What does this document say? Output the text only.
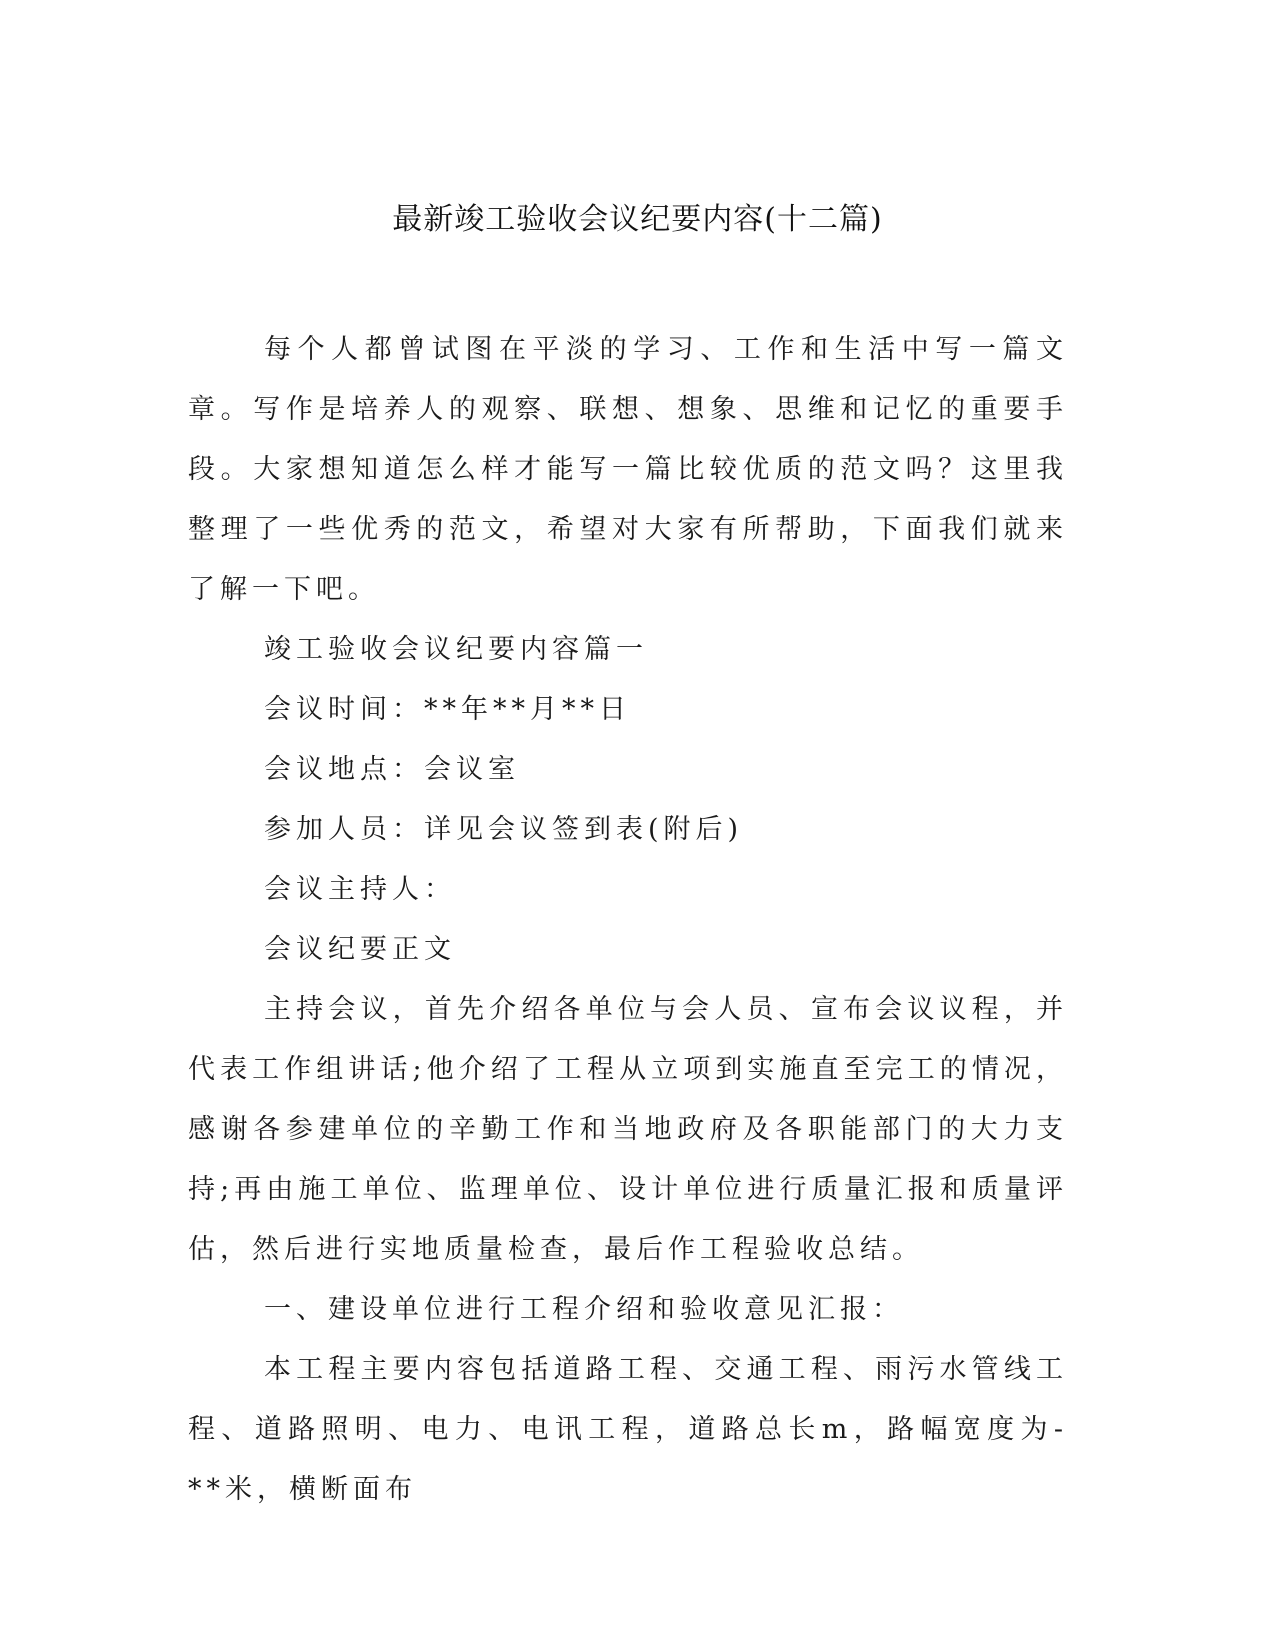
最新竣工验收会议纪要内容(十二篇)

每个人都曾试图在平淡的学习、工作和生活中写一篇文章。写作是培养人的观察、联想、想象、思维和记忆的重要手段。大家想知道怎么样才能写一篇比较优质的范文吗？这里我整理了一些优秀的范文，希望对大家有所帮助，下面我们就来了解一下吧。

竣工验收会议纪要内容篇一

会议时间：**年**月**日

会议地点：会议室

参加人员：详见会议签到表(附后)

会议主持人：

会议纪要正文

主持会议，首先介绍各单位与会人员、宣布会议议程，并代表工作组讲话;他介绍了工程从立项到实施直至完工的情况，感谢各参建单位的辛勤工作和当地政府及各职能部门的大力支持;再由施工单位、监理单位、设计单位进行质量汇报和质量评估，然后进行实地质量检查，最后作工程验收总结。

一、建设单位进行工程介绍和验收意见汇报：

本工程主要内容包括道路工程、交通工程、雨污水管线工程、道路照明、电力、电讯工程，道路总长m，路幅宽度为-**米，横断面布
